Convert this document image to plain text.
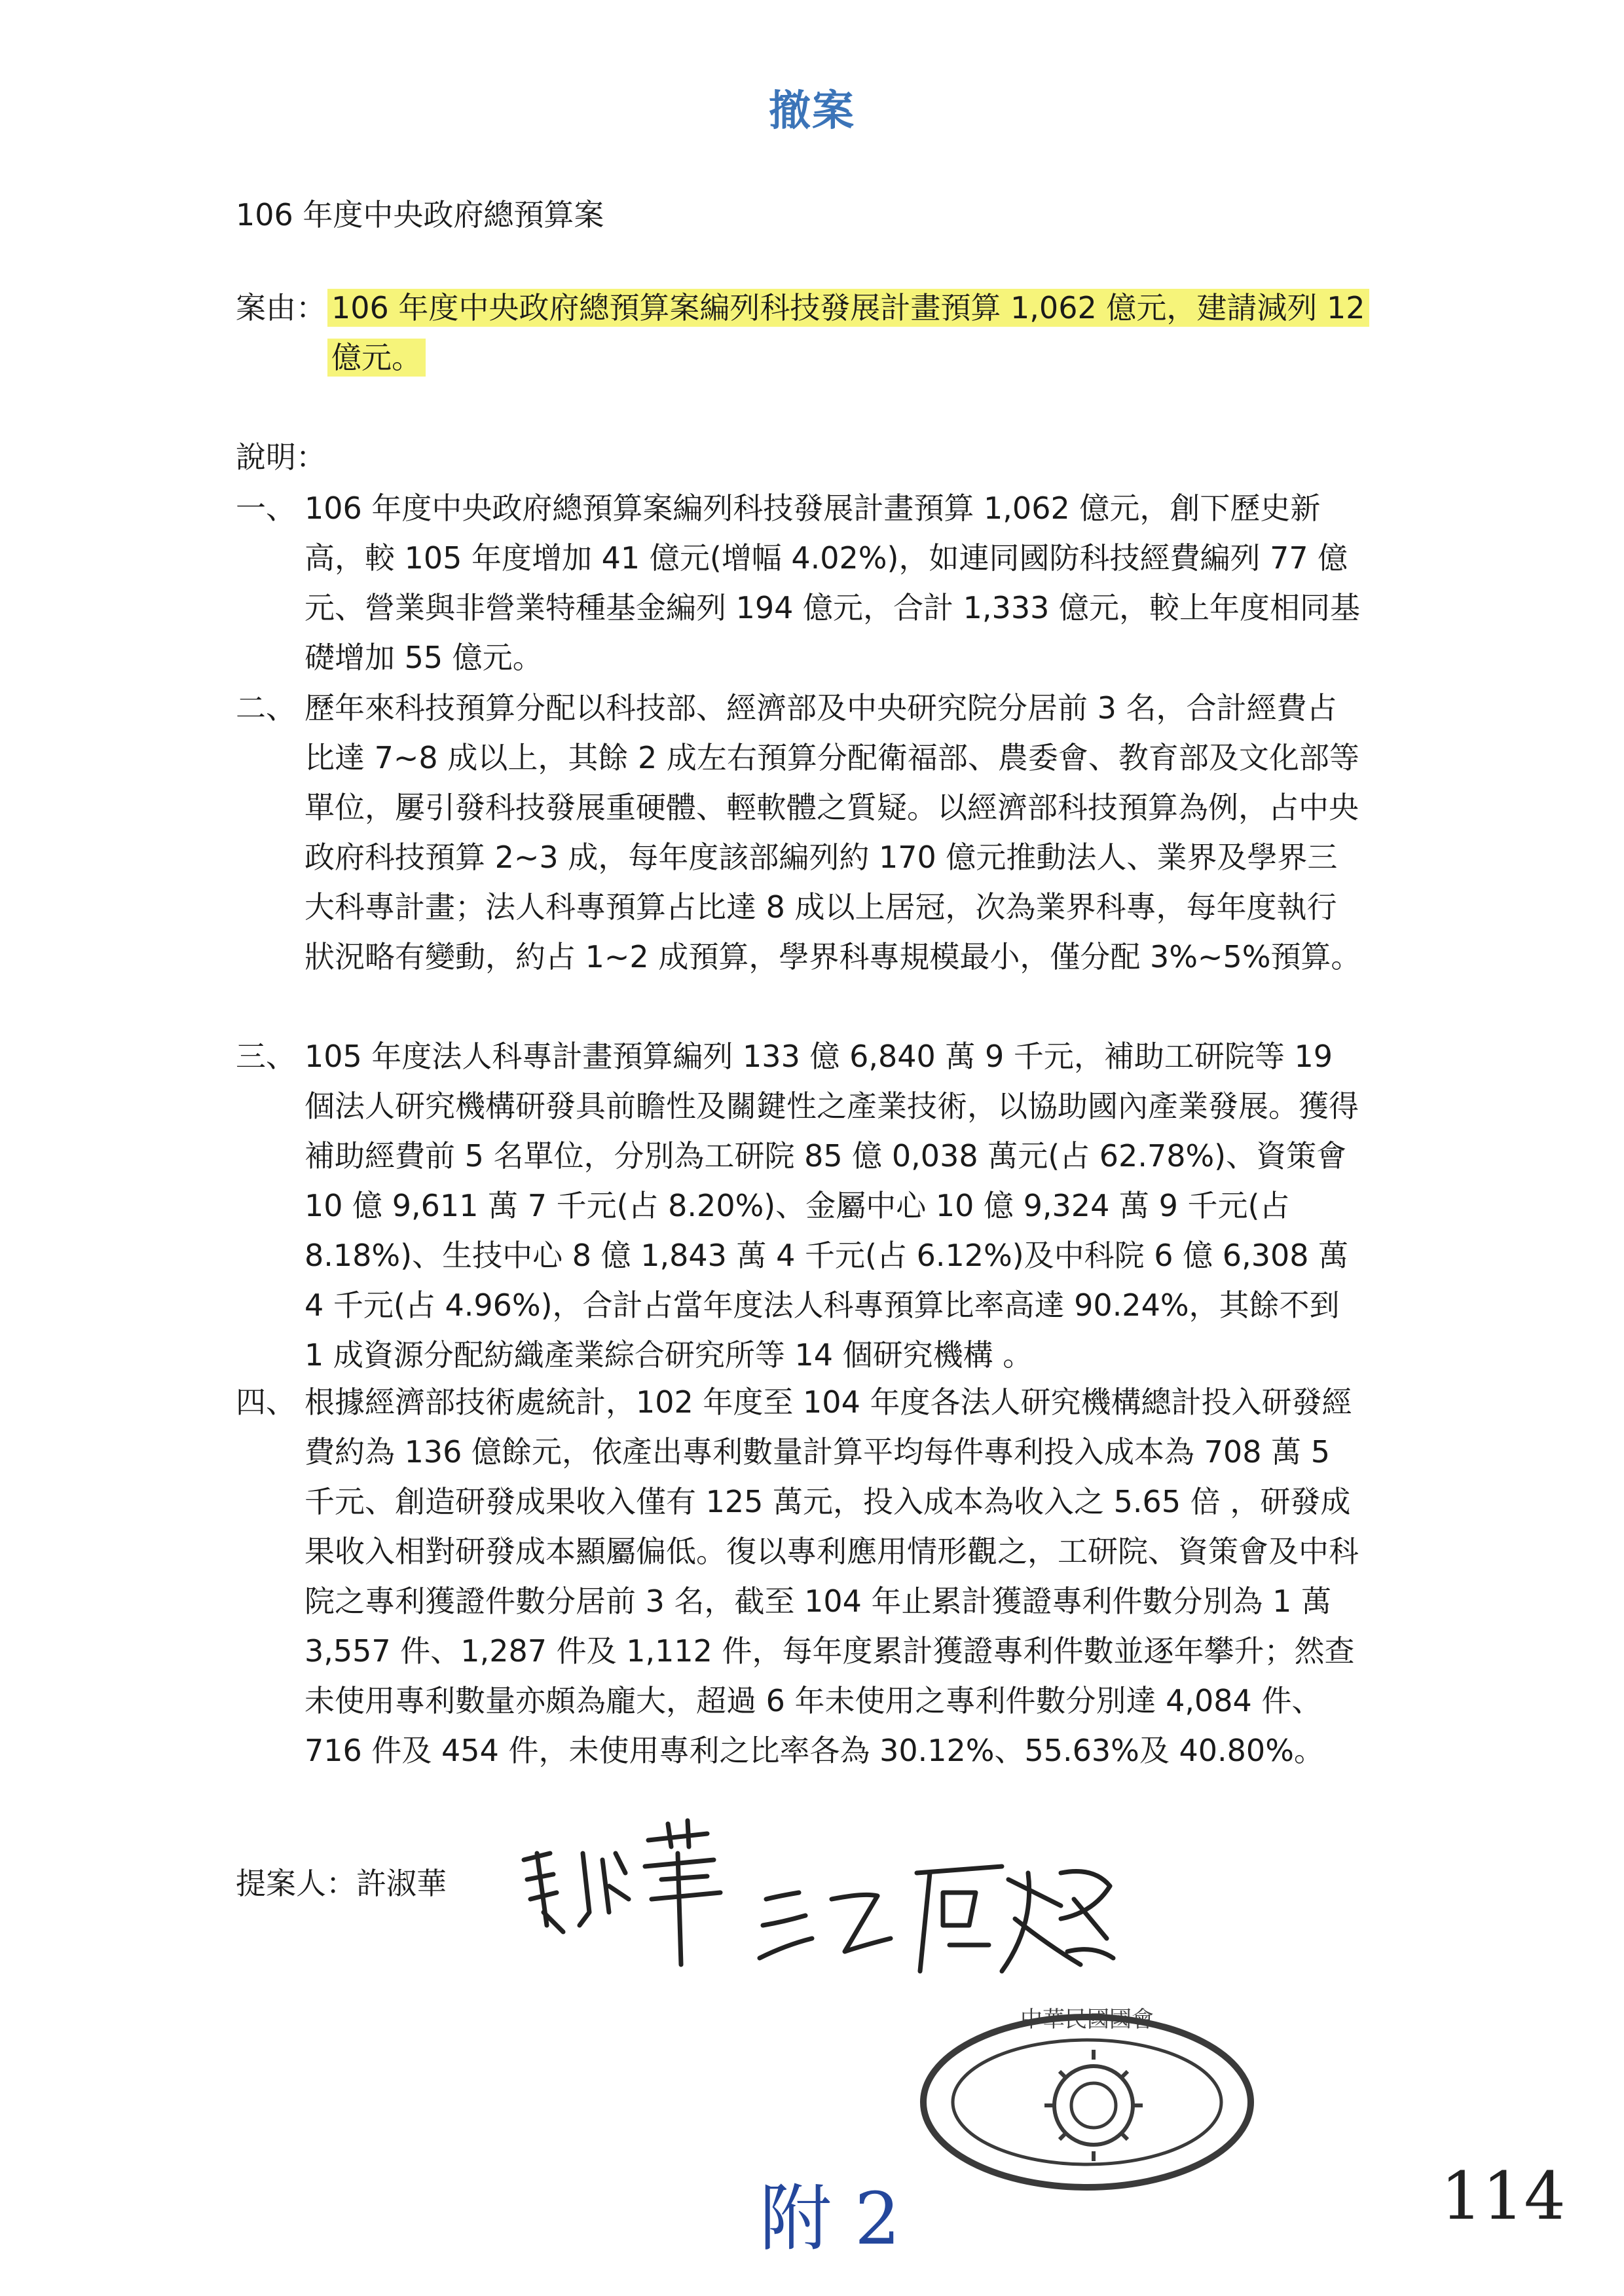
撤案
106 年度中央政府總預算案
案由： 106 年度中央政府總預算案編列科技發展計畫預算 1,062 億元，建請減列 12 億元。
說明：
一、 106 年度中央政府總預算案編列科技發展計畫預算 1,062 億元，創下歷史新高，較 105 年度增加 41 億元(增幅 4.02%)，如連同國防科技經費編列 77 億元、營業與非營業特種基金編列 194 億元，合計 1,333 億元，較上年度相同基礎增加 55 億元。
二、 歷年來科技預算分配以科技部、經濟部及中央研究院分居前 3 名，合計經費占比達 7~8 成以上，其餘 2 成左右預算分配衛福部、農委會、教育部及文化部等單位，屢引發科技發展重硬體、輕軟體之質疑。以經濟部科技預算為例，占中央政府科技預算 2~3 成，每年度該部編列約 170 億元推動法人、業界及學界三大科專計畫；法人科專預算占比達 8 成以上居冠，次為業界科專，每年度執行狀況略有變動，約占 1~2 成預算，學界科專規模最小，僅分配 3%~5%預算。
三、 105 年度法人科專計畫預算編列 133 億 6,840 萬 9 千元，補助工研院等 19 個法人研究機構研發具前瞻性及關鍵性之產業技術，以協助國內產業發展。獲得補助經費前 5 名單位，分別為工研院 85 億 0,038 萬元(占 62.78%)、資策會 10 億 9,611 萬 7 千元(占 8.20%)、金屬中心 10 億 9,324 萬 9 千元(占 8.18%)、生技中心 8 億 1,843 萬 4 千元(占 6.12%)及中科院 6 億 6,308 萬 4 千元(占 4.96%)，合計占當年度法人科專預算比率高達 90.24%，其餘不到 1 成資源分配紡織產業綜合研究所等 14 個研究機構 。
四、 根據經濟部技術處統計，102 年度至 104 年度各法人研究機構總計投入研發經費約為 136 億餘元，依產出專利數量計算平均每件專利投入成本為 708 萬 5 千元、創造研發成果收入僅有 125 萬元，投入成本為收入之 5.65 倍 ，研發成果收入相對研發成本顯屬偏低。復以專利應用情形觀之，工研院、資策會及中科院之專利獲證件數分居前 3 名，截至 104 年止累計獲證專利件數分別為 1 萬 3,557 件、1,287 件及 1,112 件，每年度累計獲證專利件數並逐年攀升；然查未使用專利數量亦頗為龐大，超過 6 年未使用之專利件數分別達 4,084 件、716 件及 454 件，未使用專利之比率各為 30.12%、55.63%及 40.80%。
提案人：許淑華
中華民國國會
附 2	114
